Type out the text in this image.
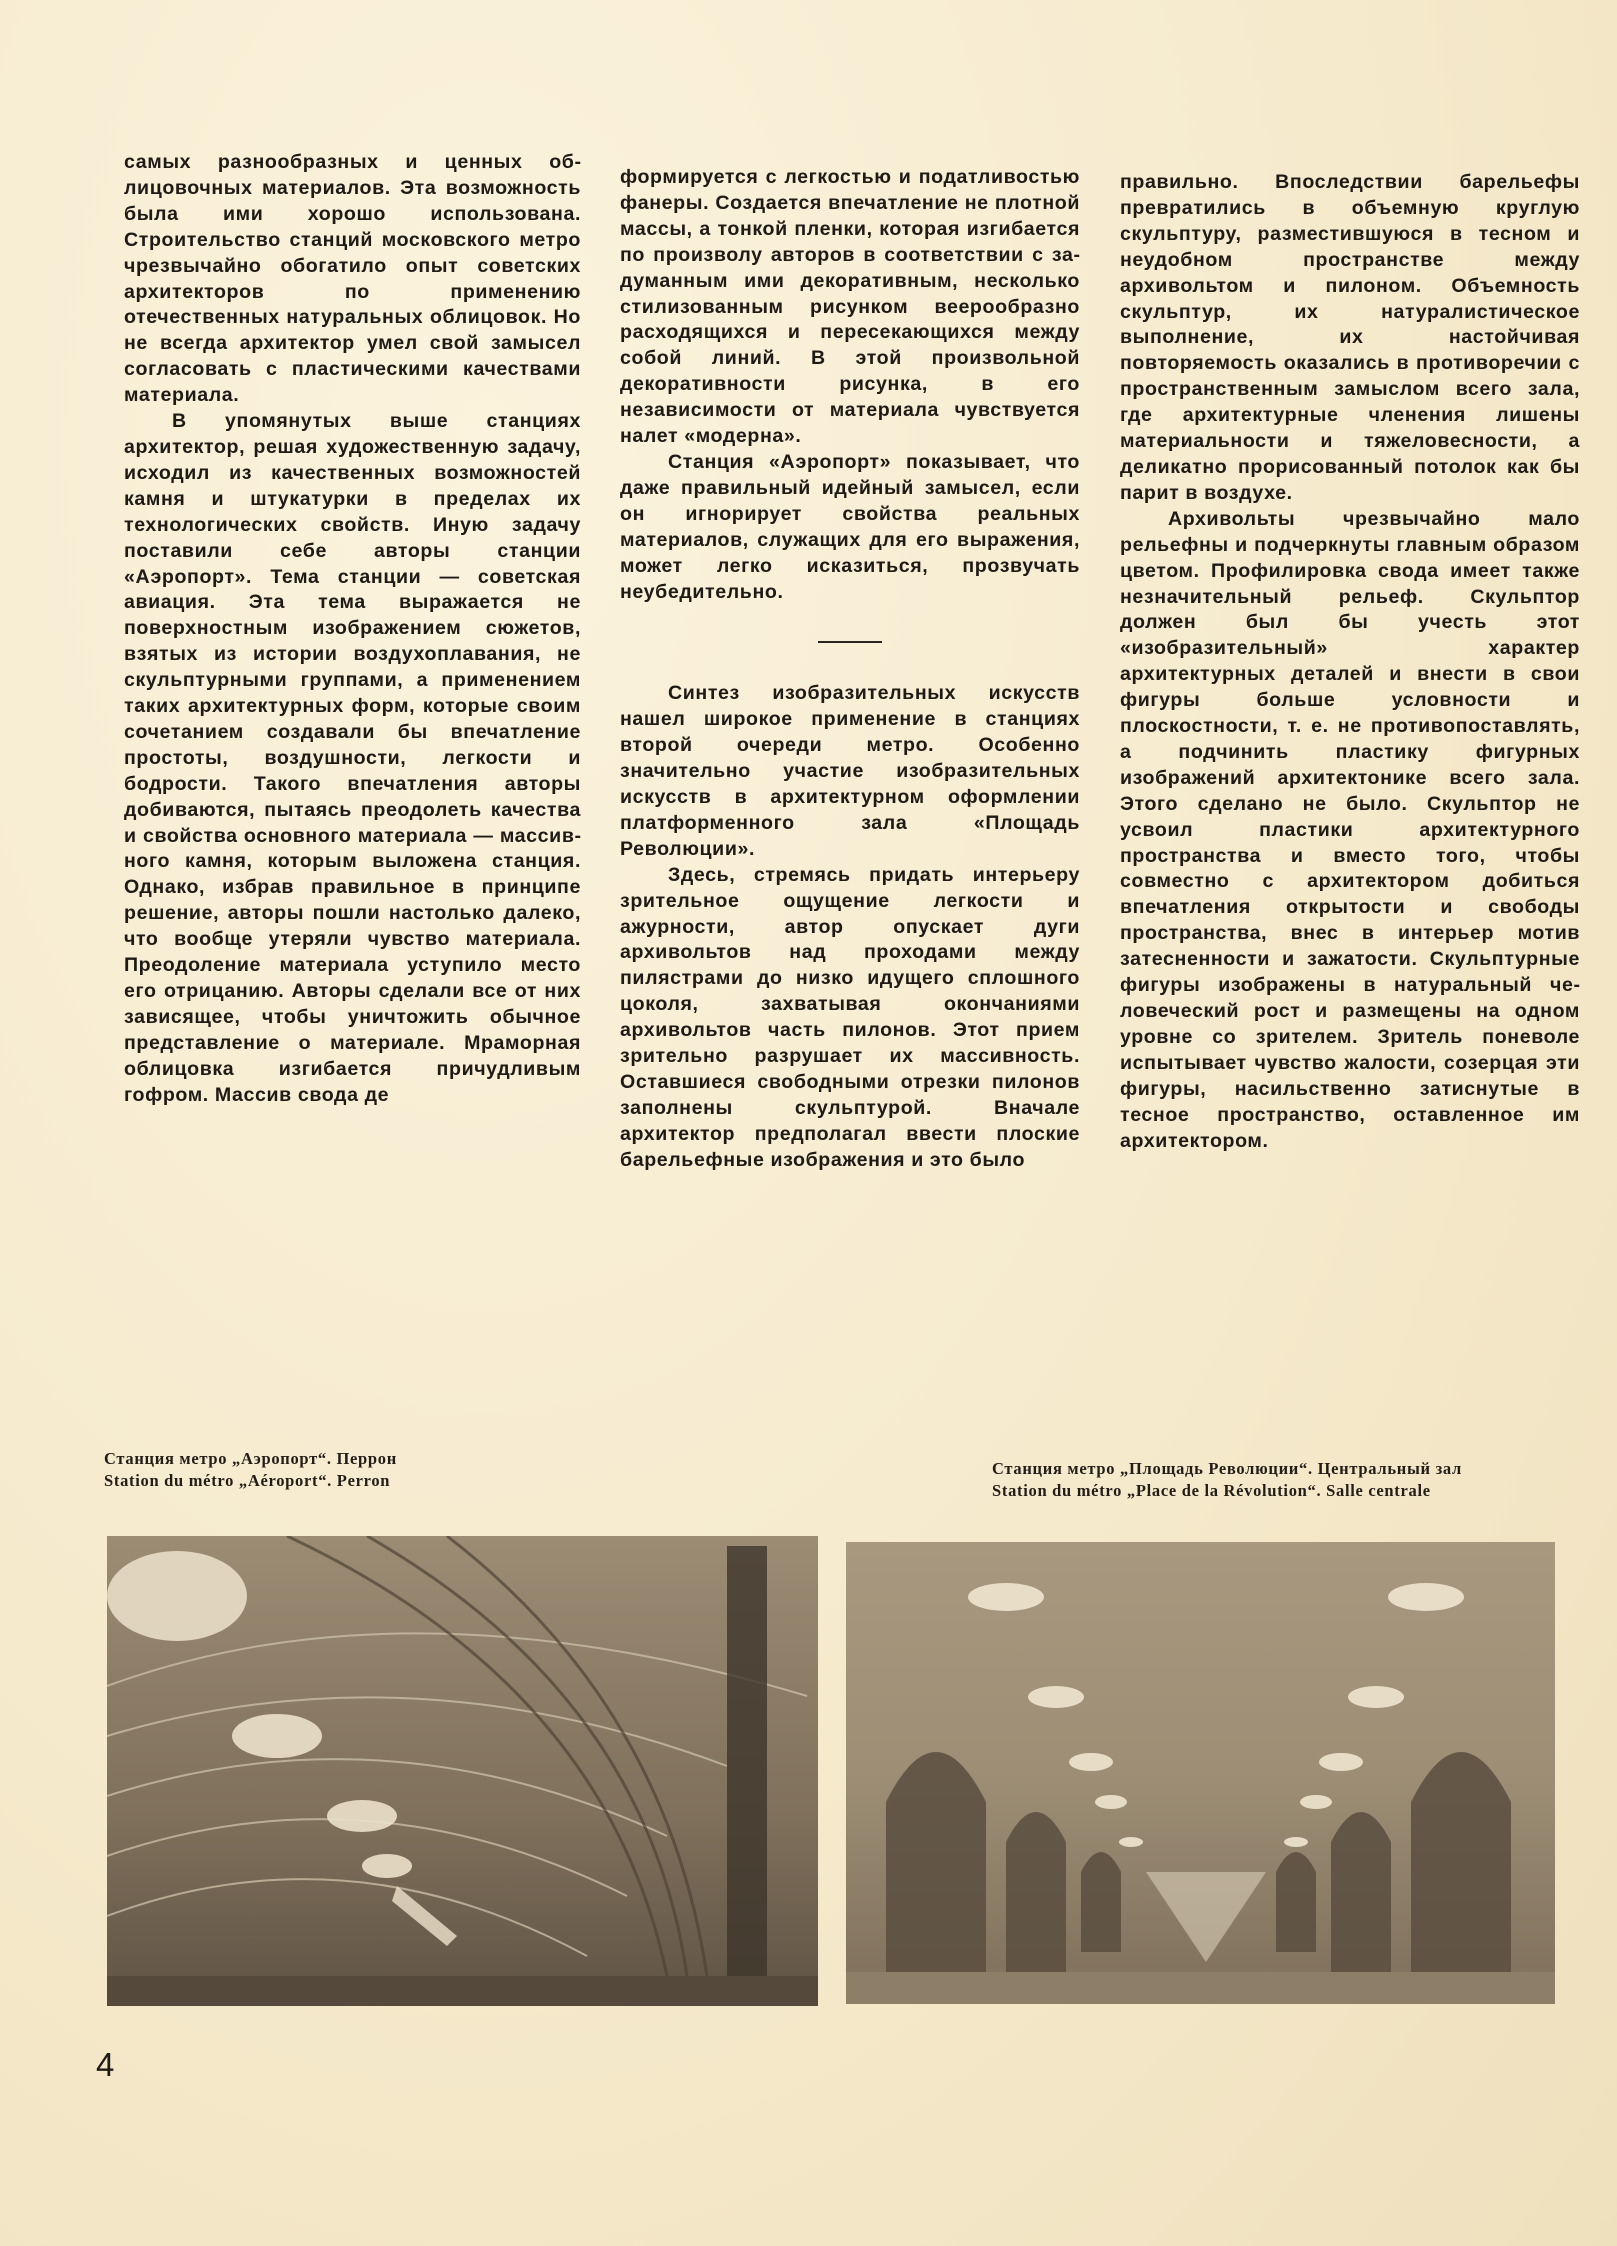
самых разнообразных и ценных облицовочных материалов. Эта возможность была ими хорошо использована. Строительство станций московского метро чрезвычайно обогатило опыт советских архитекторов по применению отечественных натуральных облицовок. Но не всегда архитектор умел свой замысел согласовать с пластическими качествами материала.

В упомянутых выше станциях архитектор, решая художественную задачу, исходил из качественных возможностей камня и штукатурки в пределах их технологических свойств. Иную задачу поставили себе авторы станции «Аэропорт». Тема станции — советская авиация. Эта тема выражается не поверхностным изображением сюжетов, взятых из истории воздухоплавания, не скульптурными группами, а применением таких архитектурных форм, которые своим сочетанием создавали бы впечатление простоты, воздушности, легкости и бодрости. Такого впечатления авторы добиваются, пытаясь преодолеть качества и свойства основного материала — массивного камня, которым выложена станция. Однако, избрав правильное в принципе решение, авторы пошли настолько далеко, что вообще утеряли чувство материала. Преодоление материала уступило место его отрицанию. Авторы сделали все от них зависящее, чтобы уничтожить обычное представление о материале. Мраморная облицовка изгибается причудливым гофром. Массив свода де

формируется с легкостью и податливостью фанеры. Создается впечатление не плотной массы, а тонкой пленки, которая изгибается по произволу авторов в соответствии с задуманным ими декоративным, несколько стилизованным рисунком веерообразно расходящихся и пересекающихся между собой линий. В этой произвольной декоративности рисунка, в его независимости от материала чувствуется налет «модерна».

Станция «Аэропорт» показывает, что даже правильный идейный замысел, если он игнорирует свойства реальных материалов, служащих для его выражения, может легко исказиться, прозвучать неубедительно.

Синтез изобразительных искусств нашел широкое применение в станциях второй очереди метро. Особенно значительно участие изобразительных искусств в архитектурном оформлении платформенного зала «Площадь Революции».

Здесь, стремясь придать интерьеру зрительное ощущение легкости и ажурности, автор опускает дуги архивольтов над проходами между пилястрами до низко идущего сплошного цоколя, захватывая окончаниями архивольтов часть пилонов. Этот прием зрительно разрушает их массивность. Оставшиеся свободными отрезки пилонов заполнены скульптурой. Вначале архитектор предполагал ввести плоские барельефные изображения и это было

правильно. Впоследствии барельефы превратились в объемную круглую скульптуру, разместившуюся в тесном и неудобном пространстве между архивольтом и пилоном. Объемность скульптур, их натуралистическое выполнение, их настойчивая повторяемость оказались в противоречии с пространственным замыслом всего зала, где архитектурные членения лишены материальности и тяжеловесности, а деликатно прорисованный потолок как бы парит в воздухе.

Архивольты чрезвычайно мало рельефны и подчеркнуты главным образом цветом. Профилировка свода имеет также незначительный рельеф. Скульптор должен был бы учесть этот «изобразительный» характер архитектурных деталей и внести в свои фигуры больше условности и плоскостности, т. е. не противопоставлять, а подчинить пластику фигурных изображений архитектонике всего зала. Этого сделано не было. Скульптор не усвоил пластики архитектурного пространства и вместо того, чтобы совместно с архитектором добиться впечатления открытости и свободы пространства, внес в интерьер мотив затесненности и зажатости. Скульптурные фигуры изображены в натуральный человеческий рост и размещены на одном уровне со зрителем. Зритель поневоле испытывает чувство жалости, созерцая эти фигуры, насильственно затиснутые в тесное пространство, оставленное им архитектором.

Станция метро „Аэропорт“. Перрон
Station du métro „Aéroport“. Perron
Станция метро „Площадь Революции“. Центральный зал
Station du métro „Place de la Révolution“. Salle centrale
4
